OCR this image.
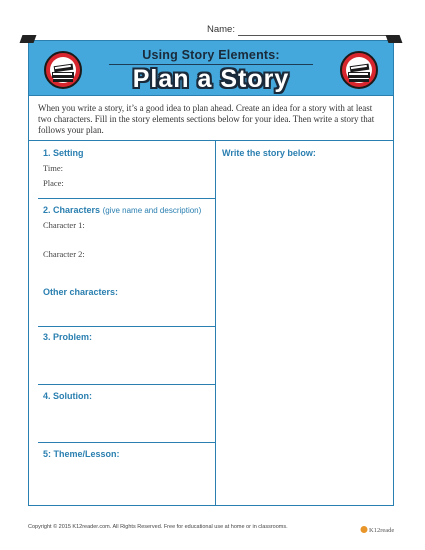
Name:
Using Story Elements:
Plan a Story

When you write a story, it’s a good idea to plan ahead. Create an idea for a story with at least two characters. Fill in the story elements sections below for your idea. Then write a story that follows your plan.

1. Setting
Time:
Place:
2. Characters (give name and description)
Character 1:
Character 2:
Other characters:
3. Problem:
4. Solution:
5: Theme/Lesson:
Write the story below:
Copyright © 2015 K12reader.com. All Rights Reserved. Free for educational use at home or in classrooms.	K12reader
